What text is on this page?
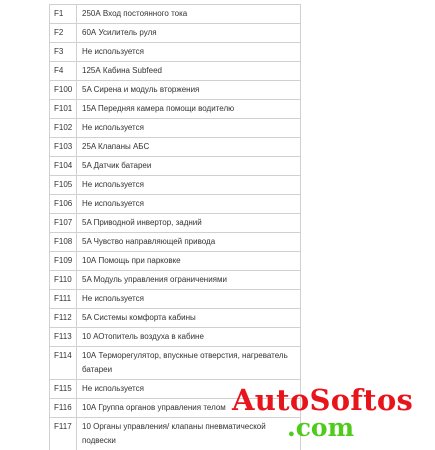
F1	250А Вход постоянного тока
F2	60А Усилитель руля
F3	Не используется
F4	125А Кабина Subfeed
F100	5A Сирена и модуль вторжения
F101	15A Передняя камера помощи водителю
F102	Не используется
F103	25A Клапаны АБС
F104	5A Датчик батареи
F105	Не используется
F106	Не используется
F107	5A Приводной инвертор, задний
F108	5A Чувство направляющей привода
F109	10А Помощь при парковке
F110	5A Модуль управления ограничениями
F111	Не используется
F112	5A Системы комфорта кабины
F113	10 АОтопитель воздуха в кабине
F114	10А Терморегулятор, впускные отверстия, нагреватель батареи
F115	Не используется
F116	10А Группа органов управления телом
F117	10 Органы управления/ клапаны пневматической подвески

AutoSoftos
.com
